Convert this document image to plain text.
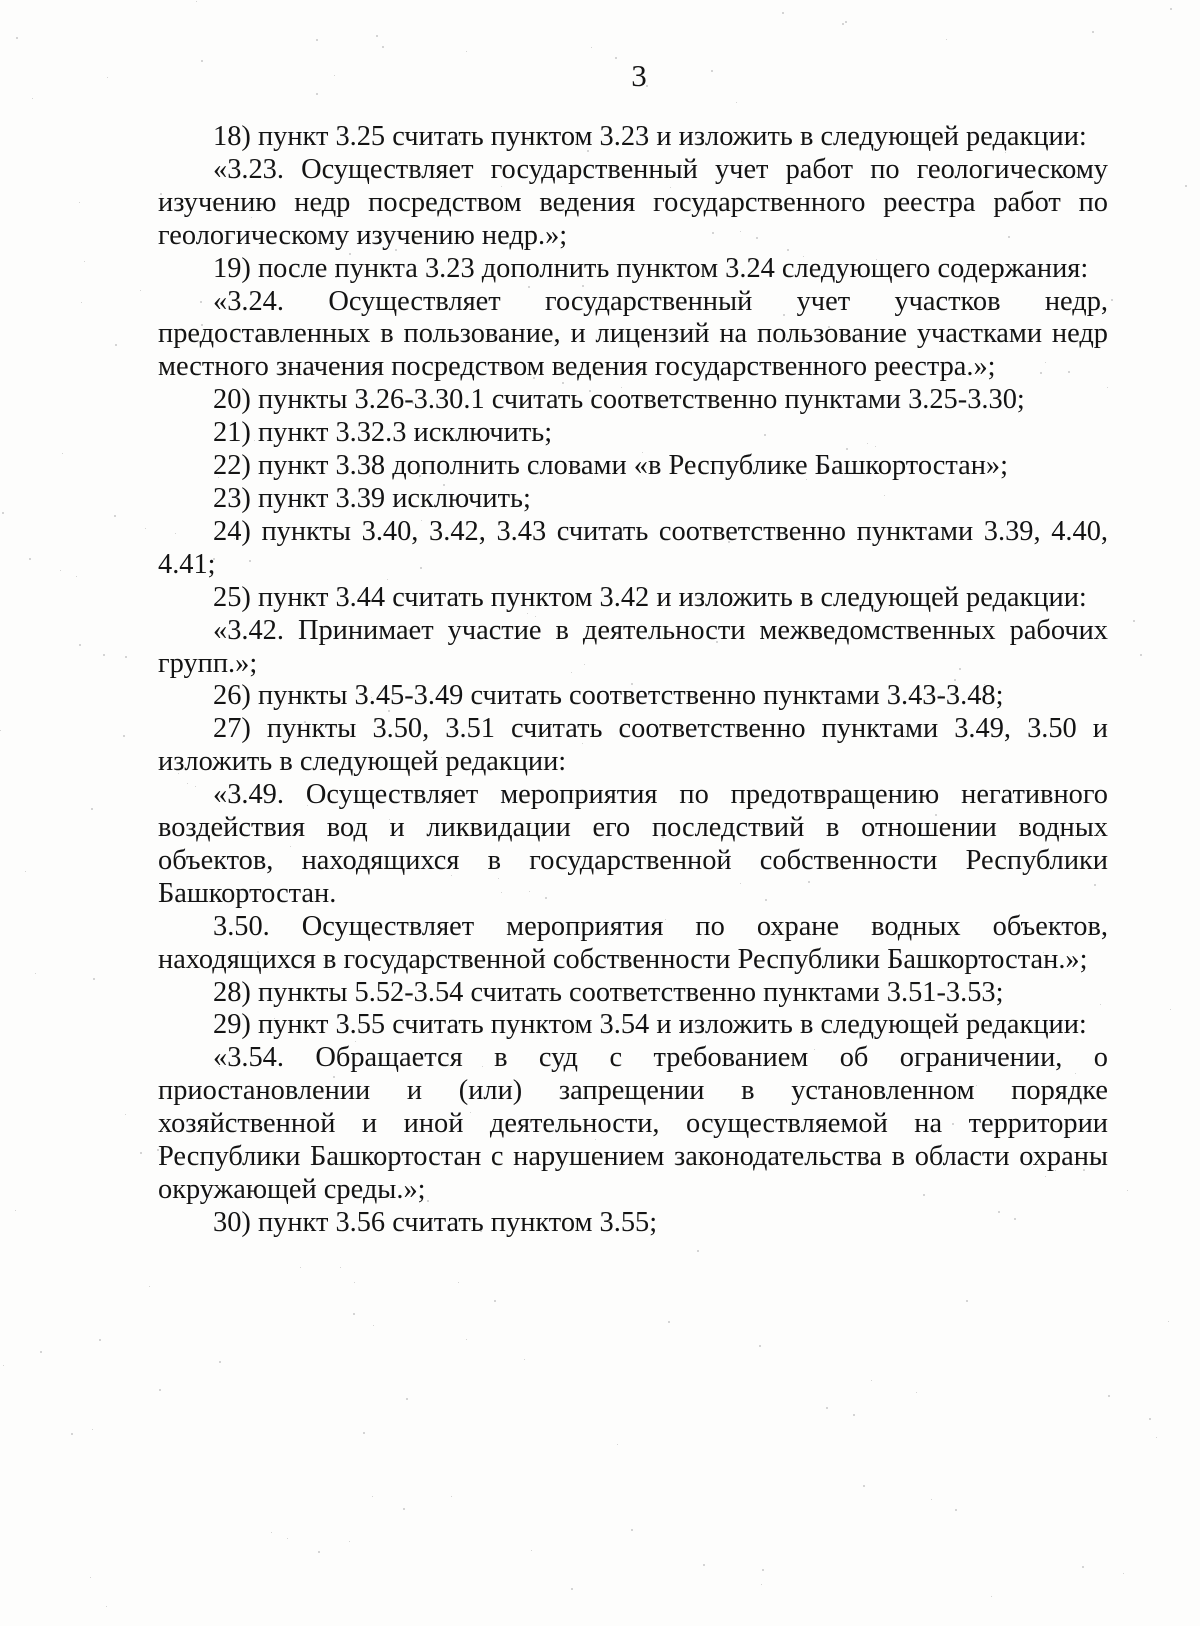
3

18) пункт 3.25 считать пунктом 3.23 и изложить в следующей редакции:

«3.23. Осуществляет государственный учет работ по геологическому изучению недр посредством ведения государственного реестра работ по геологическому изучению недр.»;

19) после пункта 3.23 дополнить пунктом 3.24 следующего содержания:

«3.24. Осуществляет государственный учет участков недр, предоставленных в пользование, и лицензий на пользование участками недр местного значения посредством ведения государственного реестра.»;

20) пункты 3.26-3.30.1 считать соответственно пунктами 3.25-3.30;

21) пункт 3.32.3 исключить;

22) пункт 3.38 дополнить словами «в Республике Башкортостан»;

23) пункт 3.39 исключить;

24) пункты 3.40, 3.42, 3.43 считать соответственно пунктами 3.39, 4.40, 4.41;

25) пункт 3.44 считать пунктом 3.42 и изложить в следующей редакции:

«3.42. Принимает участие в деятельности межведомственных рабочих групп.»;

26) пункты 3.45-3.49 считать соответственно пунктами 3.43-3.48;

27) пункты 3.50, 3.51 считать соответственно пунктами 3.49, 3.50 и изложить в следующей редакции:

«3.49. Осуществляет мероприятия по предотвращению негативного воздействия вод и ликвидации его последствий в отношении водных объектов, находящихся в государственной собственности Республики Башкортостан.

3.50. Осуществляет мероприятия по охране водных объектов, находящихся в государственной собственности Республики Башкортостан.»;

28) пункты 5.52-3.54 считать соответственно пунктами 3.51-3.53;

29) пункт 3.55 считать пунктом 3.54 и изложить в следующей редакции:

«3.54. Обращается в суд с требованием об ограничении, о приостановлении и (или) запрещении в установленном порядке хозяйственной и иной деятельности, осуществляемой на территории Республики Башкортостан с нарушением законодательства в области охраны окружающей среды.»;

30) пункт 3.56 считать пунктом 3.55;
